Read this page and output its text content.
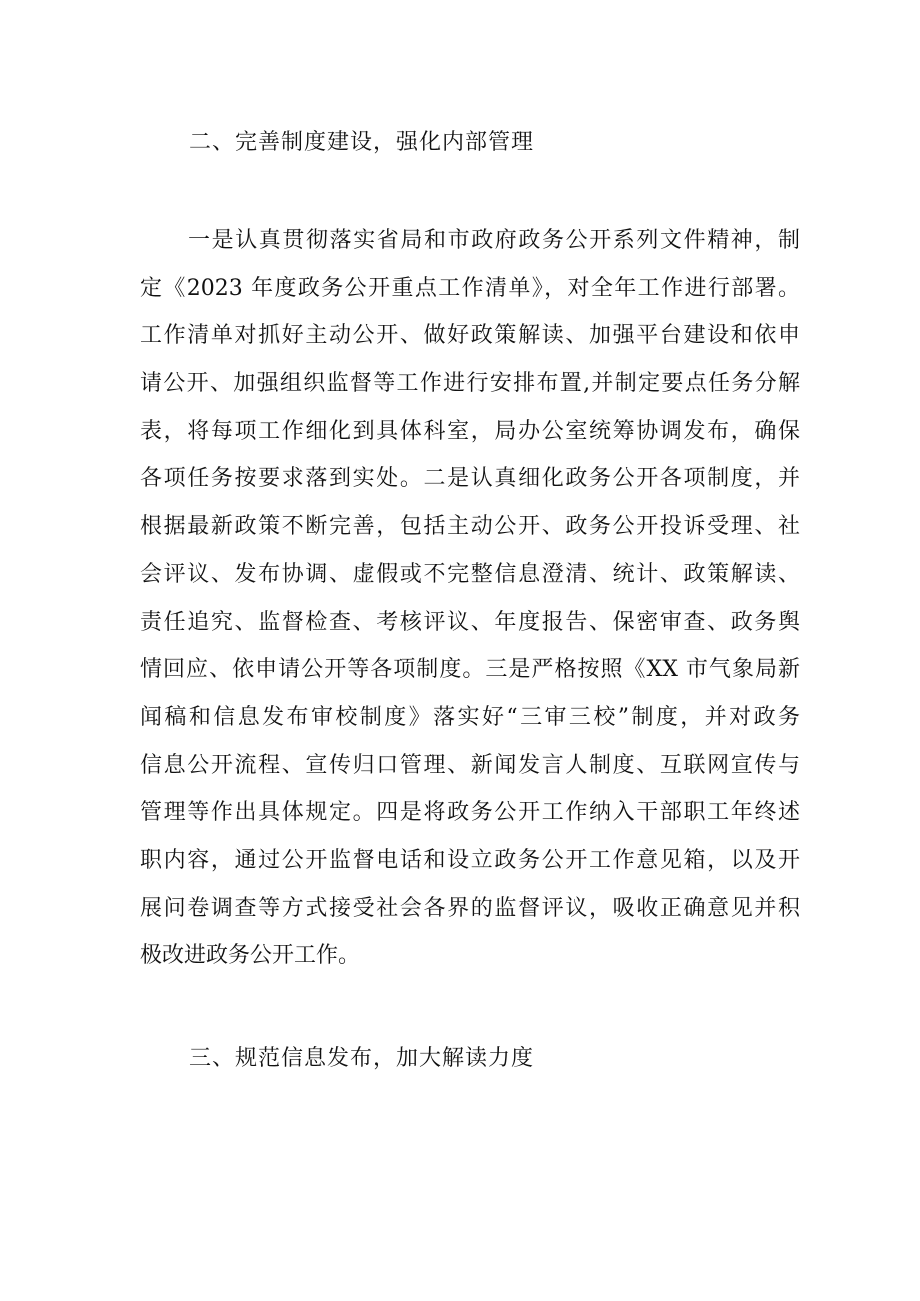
二、完善制度建设，强化内部管理
一是认真贯彻落实省局和市政府政务公开系列文件精神，制
定《2023 年度政务公开重点工作清单》，对全年工作进行部署。
工作清单对抓好主动公开、做好政策解读、加强平台建设和依申
请公开、加强组织监督等工作进行安排布置,并制定要点任务分解
表，将每项工作细化到具体科室，局办公室统筹协调发布，确保
各项任务按要求落到实处。二是认真细化政务公开各项制度，并
根据最新政策不断完善，包括主动公开、政务公开投诉受理、社
会评议、发布协调、虚假或不完整信息澄清、统计、政策解读、
责任追究、监督检查、考核评议、年度报告、保密审查、政务舆
情回应、依申请公开等各项制度。三是严格按照《XX 市气象局新
闻稿和信息发布审校制度》落实好“三审三校”制度，并对政务
信息公开流程、宣传归口管理、新闻发言人制度、互联网宣传与
管理等作出具体规定。四是将政务公开工作纳入干部职工年终述
职内容，通过公开监督电话和设立政务公开工作意见箱，以及开
展问卷调查等方式接受社会各界的监督评议，吸收正确意见并积
极改进政务公开工作。
三、规范信息发布，加大解读力度
